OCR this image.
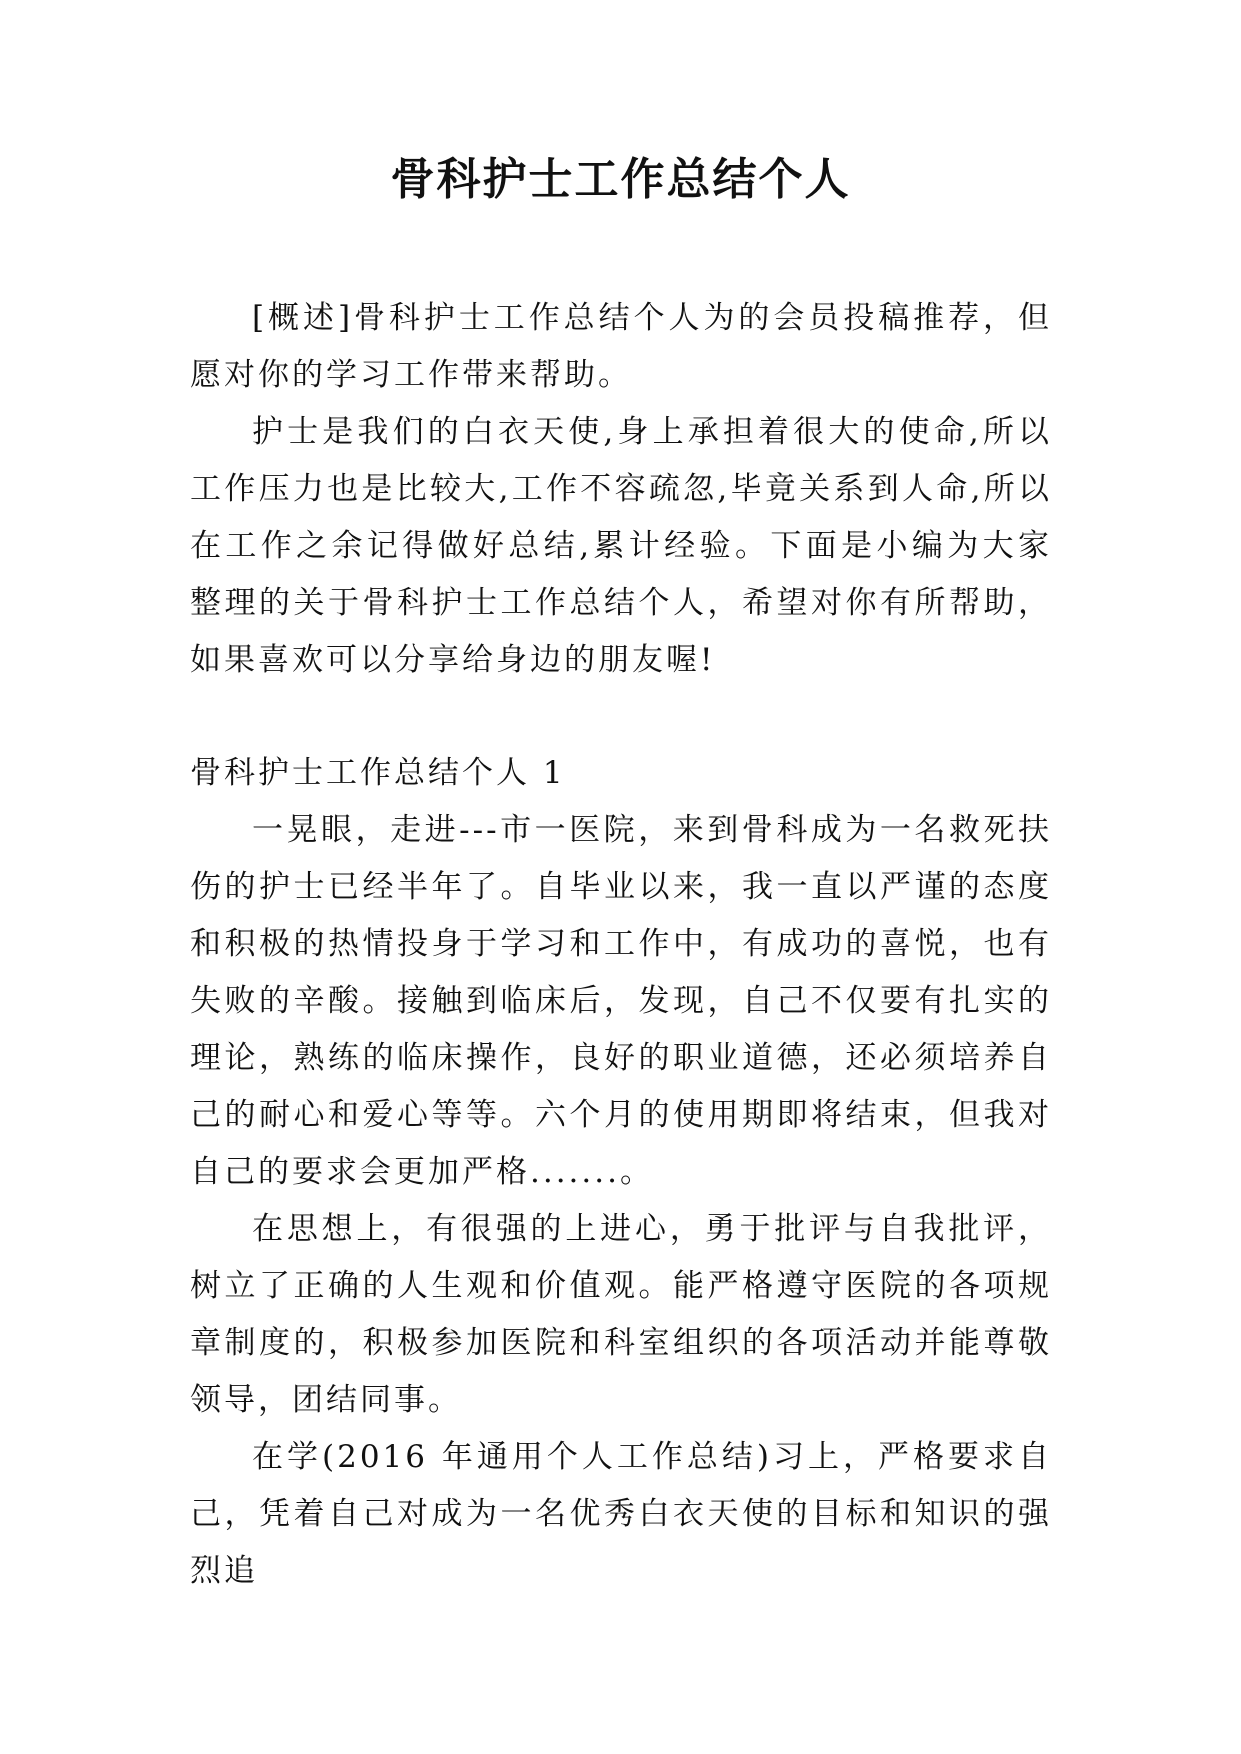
骨科护士工作总结个人

[概述]骨科护士工作总结个人为的会员投稿推荐，但愿对你的学习工作带来帮助。

护士是我们的白衣天使,身上承担着很大的使命,所以工作压力也是比较大,工作不容疏忽,毕竟关系到人命,所以在工作之余记得做好总结,累计经验。下面是小编为大家整理的关于骨科护士工作总结个人，希望对你有所帮助，如果喜欢可以分享给身边的朋友喔!

骨科护士工作总结个人 1

一晃眼，走进---市一医院，来到骨科成为一名救死扶伤的护士已经半年了。自毕业以来，我一直以严谨的态度和积极的热情投身于学习和工作中，有成功的喜悦，也有失败的辛酸。接触到临床后，发现，自己不仅要有扎实的理论，熟练的临床操作，良好的职业道德，还必须培养自己的耐心和爱心等等。六个月的使用期即将结束，但我对自己的要求会更加严格.......。

在思想上，有很强的上进心，勇于批评与自我批评，树立了正确的人生观和价值观。能严格遵守医院的各项规章制度的，积极参加医院和科室组织的各项活动并能尊敬领导，团结同事。

在学(2016 年通用个人工作总结)习上，严格要求自己，凭着自己对成为一名优秀白衣天使的目标和知识的强烈追
